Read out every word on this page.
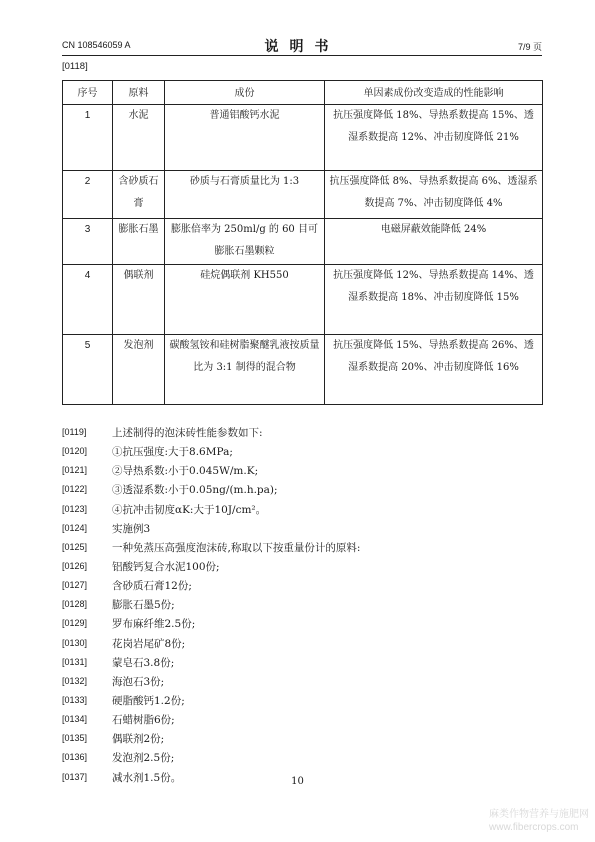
CN 108546059 A	说明书	7/9 页
[0118]
序号	原料	成份	单因素成份改变造成的性能影响
1	水泥	普通铝酸钙水泥	抗压强度降低 18%、导热系数提高 15%、透湿系数提高 12%、冲击韧度降低 21%
2	含砂质石膏	砂质与石膏质量比为 1:3	抗压强度降低 8%、导热系数提高 6%、透湿系数提高 7%、冲击韧度降低 4%
3	膨胀石墨	膨胀倍率为 250ml/g 的 60 目可膨胀石墨颗粒	电磁屏蔽效能降低 24%
4	偶联剂	硅烷偶联剂 KH550	抗压强度降低 12%、导热系数提高 14%、透湿系数提高 18%、冲击韧度降低 15%
5	发泡剂	碳酸氢铵和硅树脂聚醚乳液按质量比为 3:1 制得的混合物	抗压强度降低 15%、导热系数提高 26%、透湿系数提高 20%、冲击韧度降低 16%
[0119] 上述制得的泡沫砖性能参数如下:
[0120] ①抗压强度:大于8.6MPa;
[0121] ②导热系数:小于0.045W/m.K;
[0122] ③透湿系数:小于0.05ng/(m.h.pa);
[0123] ④抗冲击韧度αK:大于10J/cm²。
[0124] 实施例3
[0125] 一种免蒸压高强度泡沫砖,称取以下按重量份计的原料:
[0126] 铝酸钙复合水泥100份;
[0127] 含砂质石膏12份;
[0128] 膨胀石墨5份;
[0129] 罗布麻纤维2.5份;
[0130] 花岗岩尾矿8份;
[0131] 蒙皂石3.8份;
[0132] 海泡石3份;
[0133] 硬脂酸钙1.2份;
[0134] 石蜡树脂6份;
[0135] 偶联剂2份;
[0136] 发泡剂2.5份;
[0137] 减水剂1.5份。	10
麻类作物营养与施肥网
www.fibercrops.com
